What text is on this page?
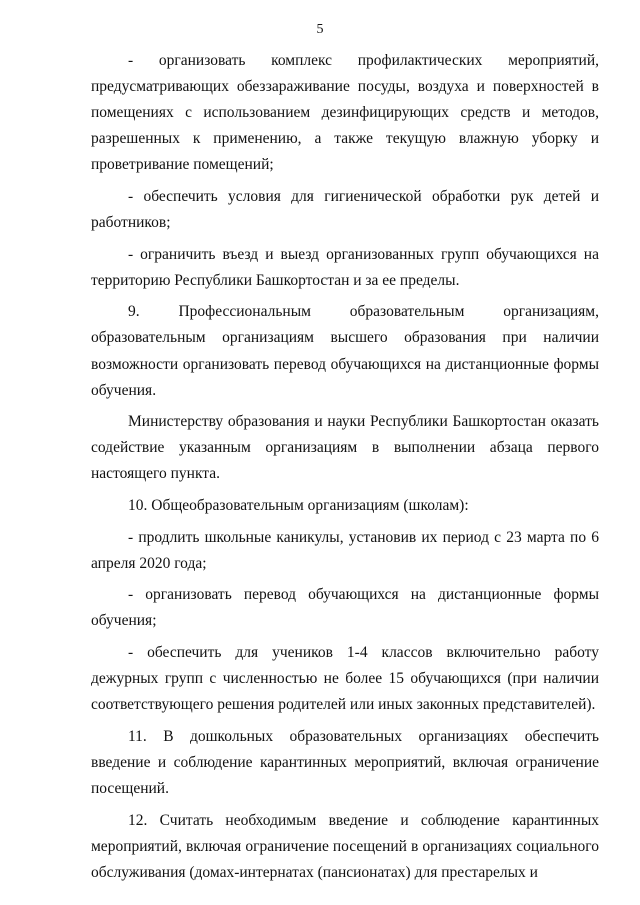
5

- организовать комплекс профилактических мероприятий, предусматривающих обеззараживание посуды, воздуха и поверхностей в помещениях с использованием дезинфицирующих средств и методов, разрешенных к применению, а также текущую влажную уборку и проветривание помещений;

- обеспечить условия для гигиенической обработки рук детей и работников;

- ограничить въезд и выезд организованных групп обучающихся на территорию Республики Башкортостан и за ее пределы.

9. Профессиональным образовательным организациям, образовательным организациям высшего образования при наличии возможности организовать перевод обучающихся на дистанционные формы обучения.

Министерству образования и науки Республики Башкортостан оказать содействие указанным организациям в выполнении абзаца первого настоящего пункта.

10. Общеобразовательным организациям (школам):

- продлить школьные каникулы, установив их период с 23 марта по 6 апреля 2020 года;

- организовать перевод обучающихся на дистанционные формы обучения;

- обеспечить для учеников 1-4 классов включительно работу дежурных групп с численностью не более 15 обучающихся (при наличии соответствующего решения родителей или иных законных представителей).

11. В дошкольных образовательных организациях обеспечить введение и соблюдение карантинных мероприятий, включая ограничение посещений.

12. Считать необходимым введение и соблюдение карантинных мероприятий, включая ограничение посещений в организациях социального обслуживания (домах-интернатах (пансионатах) для престарелых и
